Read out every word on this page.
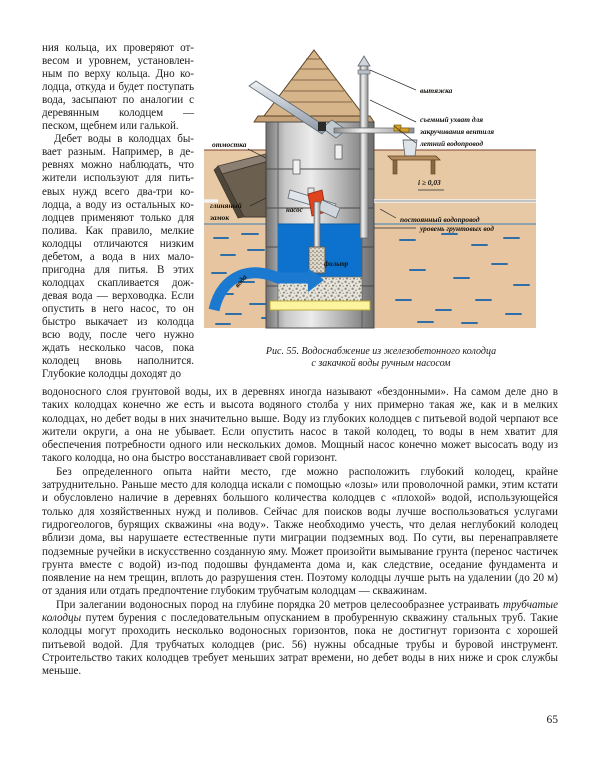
ния кольца, их проверяют отвесом и уровнем, установленным по верху кольца. Дно колодца, откуда и будет поступать вода, засыпают по аналогии с деревянным колодцем — песком, щебнем или галькой.

Дебет воды в колодцах бывает разным. Например, в деревнях можно наблюдать, что жители используют для питьевых нужд всего два-три колодца, а воду из остальных колодцев применяют только для полива. Как правило, мелкие колодцы отличаются низким дебетом, а вода в них малопригодна для питья. В этих колодцах скапливается дождевая вода — верховодка. Если опустить в него насос, то он быстро выкачает из колодца всю воду, после чего нужно ждать несколько часов, пока колодец вновь наполнится. Глубокие колодцы доходят до

вода
вытяжка
съемный ухват для
закручивания вентиля
летний водопровод
отмостка
глиняный
замок
i ≥ 0,03
постоянный водопровод
уровень грунтовых вод
насос
фильтр
Рис. 55. Водоснабжение из железобетонного колодца
с закачкой воды ручным насосом

водоносного слоя грунтовой воды, их в деревнях иногда называют «бездонными». На самом деле дно в таких колодцах конечно же есть и высота водяного столба у них примерно такая же, как и в мелких колодцах, но дебет воды в них значительно выше. Воду из глубоких колодцев с питьевой водой черпают все жители округи, а она не убывает. Если опустить насос в такой колодец, то воды в нем хватит для обеспечения потребности одного или нескольких домов. Мощный насос конечно может высосать воду из такого колодца, но она быстро восстанавливает свой горизонт.

Без определенного опыта найти место, где можно расположить глубокий колодец, крайне затруднительно. Раньше место для колодца искали с помощью «лозы» или проволочной рамки, этим кстати и обусловлено наличие в деревнях большого количества колодцев с «плохой» водой, использующейся только для хозяйственных нужд и поливов. Сейчас для поисков воды лучше воспользоваться услугами гидрогеологов, бурящих скважины «на воду». Также необходимо учесть, что делая неглубокий колодец вблизи дома, вы нарушаете естественные пути миграции подземных вод. По сути, вы перенаправляете подземные ручейки в искусственно созданную яму. Может произойти вымывание грунта (перенос частичек грунта вместе с водой) из-под подошвы фундамента дома и, как следствие, оседание фундамента и появление на нем трещин, вплоть до разрушения стен. Поэтому колодцы лучше рыть на удалении (до 20 м) от здания или отдать предпочтение глубоким трубчатым колодцам — скважинам.

При залегании водоносных пород на глубине порядка 20 метров целесообразнее устраивать трубчатые колодцы путем бурения с последовательным опусканием в пробуренную скважину стальных труб. Такие колодцы могут проходить несколько водоносных горизонтов, пока не достигнут горизонта с хорошей питьевой водой. Для трубчатых колодцев (рис. 56) нужны обсадные трубы и буровой инструмент. Строительство таких колодцев требует меньших затрат времени, но дебет воды в них ниже и срок службы меньше.

65
